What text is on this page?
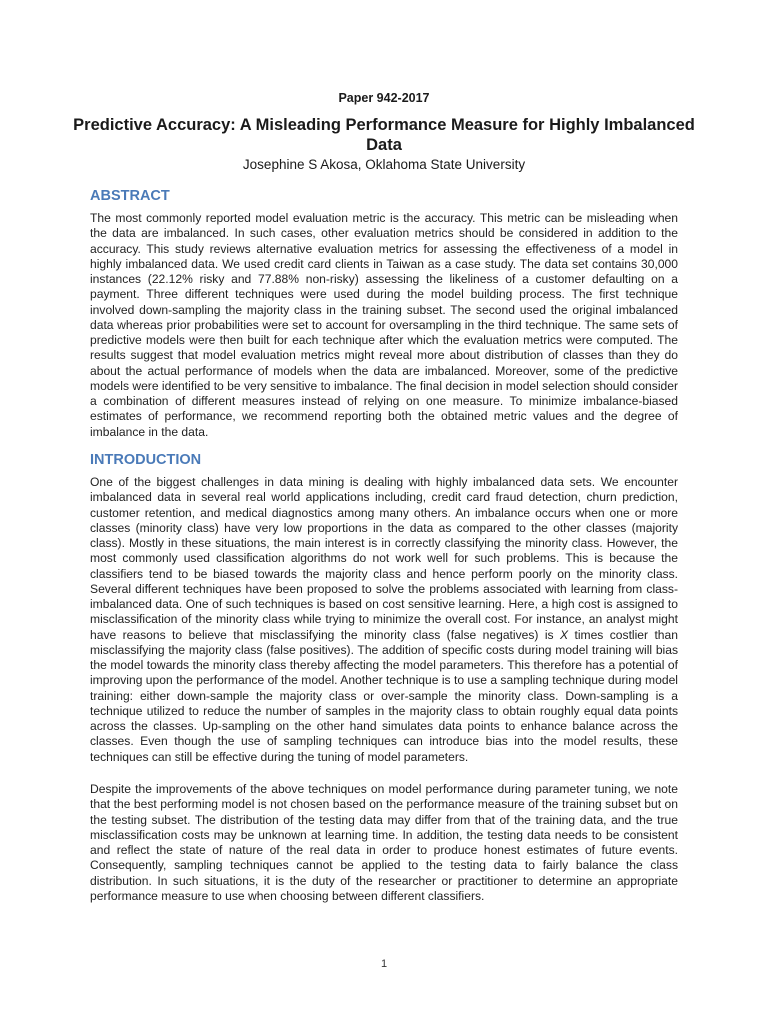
Paper 942-2017
Predictive Accuracy: A Misleading Performance Measure for Highly Imbalanced Data
Josephine S Akosa, Oklahoma State University
ABSTRACT
The most commonly reported model evaluation metric is the accuracy. This metric can be misleading when the data are imbalanced. In such cases, other evaluation metrics should be considered in addition to the accuracy. This study reviews alternative evaluation metrics for assessing the effectiveness of a model in highly imbalanced data. We used credit card clients in Taiwan as a case study. The data set contains 30,000 instances (22.12% risky and 77.88% non-risky) assessing the likeliness of a customer defaulting on a payment. Three different techniques were used during the model building process. The first technique involved down-sampling the majority class in the training subset. The second used the original imbalanced data whereas prior probabilities were set to account for oversampling in the third technique. The same sets of predictive models were then built for each technique after which the evaluation metrics were computed. The results suggest that model evaluation metrics might reveal more about distribution of classes than they do about the actual performance of models when the data are imbalanced. Moreover, some of the predictive models were identified to be very sensitive to imbalance. The final decision in model selection should consider a combination of different measures instead of relying on one measure. To minimize imbalance-biased estimates of performance, we recommend reporting both the obtained metric values and the degree of imbalance in the data.
INTRODUCTION
One of the biggest challenges in data mining is dealing with highly imbalanced data sets. We encounter imbalanced data in several real world applications including, credit card fraud detection, churn prediction, customer retention, and medical diagnostics among many others. An imbalance occurs when one or more classes (minority class) have very low proportions in the data as compared to the other classes (majority class). Mostly in these situations, the main interest is in correctly classifying the minority class. However, the most commonly used classification algorithms do not work well for such problems. This is because the classifiers tend to be biased towards the majority class and hence perform poorly on the minority class. Several different techniques have been proposed to solve the problems associated with learning from class-imbalanced data. One of such techniques is based on cost sensitive learning. Here, a high cost is assigned to misclassification of the minority class while trying to minimize the overall cost. For instance, an analyst might have reasons to believe that misclassifying the minority class (false negatives) is X times costlier than misclassifying the majority class (false positives). The addition of specific costs during model training will bias the model towards the minority class thereby affecting the model parameters. This therefore has a potential of improving upon the performance of the model. Another technique is to use a sampling technique during model training: either down-sample the majority class or over-sample the minority class. Down-sampling is a technique utilized to reduce the number of samples in the majority class to obtain roughly equal data points across the classes. Up-sampling on the other hand simulates data points to enhance balance across the classes. Even though the use of sampling techniques can introduce bias into the model results, these techniques can still be effective during the tuning of model parameters.
Despite the improvements of the above techniques on model performance during parameter tuning, we note that the best performing model is not chosen based on the performance measure of the training subset but on the testing subset. The distribution of the testing data may differ from that of the training data, and the true misclassification costs may be unknown at learning time. In addition, the testing data needs to be consistent and reflect the state of nature of the real data in order to produce honest estimates of future events. Consequently, sampling techniques cannot be applied to the testing data to fairly balance the class distribution. In such situations, it is the duty of the researcher or practitioner to determine an appropriate performance measure to use when choosing between different classifiers.
1
